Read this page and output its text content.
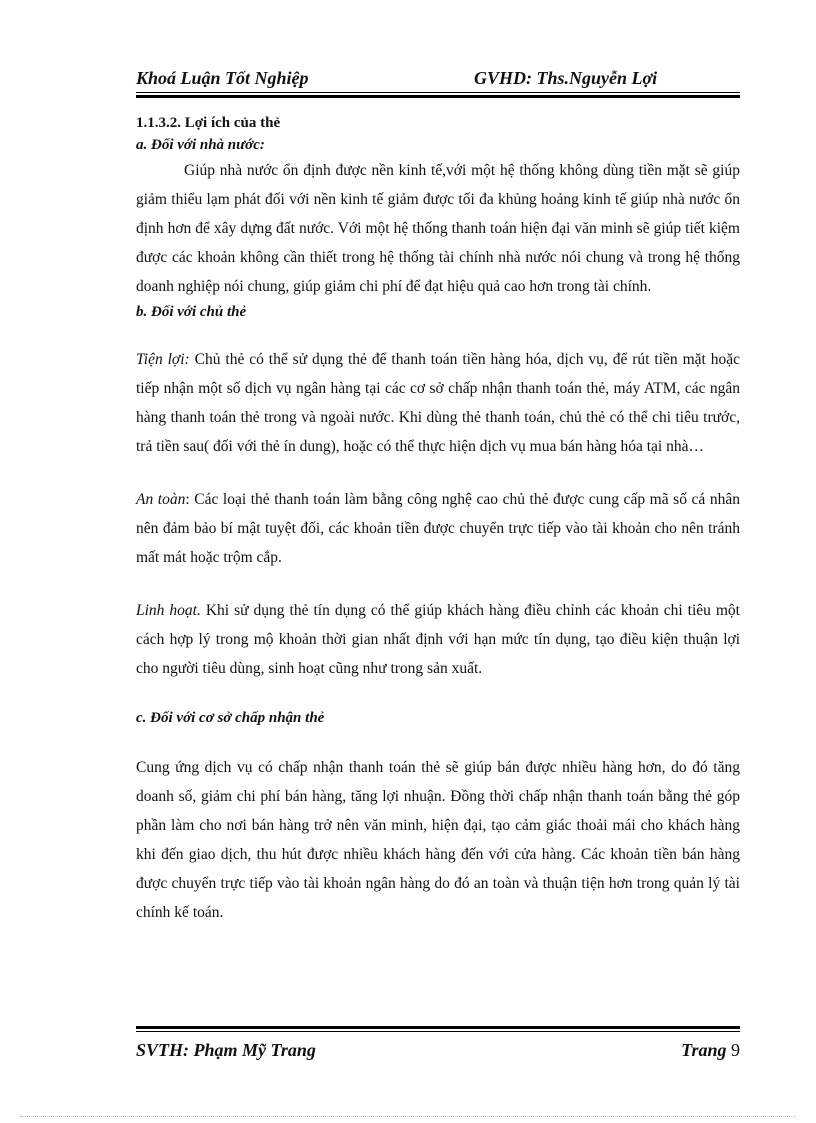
Khoá Luận Tốt Nghiệp	GVHD: Ths.Nguyễn Lợi

1.1.3.2. Lợi ích của thẻ

a. Đối với nhà nước:

Giúp nhà nước ổn định được nền kinh tế,với một hệ thống không dùng tiền mặt sẽ giúp giảm thiểu lạm phát đối với nền kinh tế giảm được tối đa khủng hoảng kinh tế giúp nhà nước ổn định hơn để xây dựng đất nước. Với một hệ thống thanh toán hiện đại văn minh sẽ giúp tiết kiệm được các khoản không cần thiết trong hệ thống tài chính nhà nước nói chung và trong hệ thống doanh nghiệp nói chung, giúp giảm chi phí để đạt hiệu quả cao hơn trong tài chính.

b. Đối với chủ thẻ

Tiện lợi: Chủ thẻ có thể sử dụng thẻ để thanh toán tiền hàng hóa, dịch vụ, để rút tiền mặt hoặc tiếp nhận một số dịch vụ ngân hàng tại các cơ sở chấp nhận thanh toán thẻ, máy ATM, các ngân hàng thanh toán thẻ trong và ngoài nước. Khi dùng thẻ thanh toán, chủ thẻ có thể chi tiêu trước, trả tiền sau( đối với thẻ ín dung), hoặc có thể thực hiện dịch vụ mua bán hàng hóa tại nhà…

An toàn: Các loại thẻ thanh toán làm bằng công nghệ cao chủ thẻ được cung cấp mã số cá nhân nên đảm bảo bí mật tuyệt đối, các khoản tiền được chuyển trực tiếp vào tài khoản cho nên tránh mất mát hoặc trộm cắp.

Linh hoạt. Khi sử dụng thẻ tín dụng có thể giúp khách hàng điều chỉnh các khoản chi tiêu một cách hợp lý trong mộ khoản thời gian nhất định với hạn mức tín dụng, tạo điều kiện thuận lợi cho người tiêu dùng, sinh hoạt cũng như trong sản xuất.

c. Đối với cơ sở chấp nhận thẻ

Cung ứng dịch vụ có chấp nhận thanh toán thẻ sẽ giúp bán được nhiều hàng hơn, do đó tăng doanh số, giảm chi phí bán hàng, tăng lợi nhuận. Đồng thời chấp nhận thanh toán bằng thẻ góp phần làm cho nơi bán hàng trở nên văn minh, hiện đại, tạo cảm giác thoải mái cho khách hàng khi đến giao dịch, thu hút được nhiều khách hàng đến với cửa hàng. Các khoản tiền bán hàng được chuyển trực tiếp vào tài khoản ngân hàng do đó an toàn và thuận tiện hơn trong quản lý tài chính kế toán.

SVTH: Phạm Mỹ Trang	Trang 9
